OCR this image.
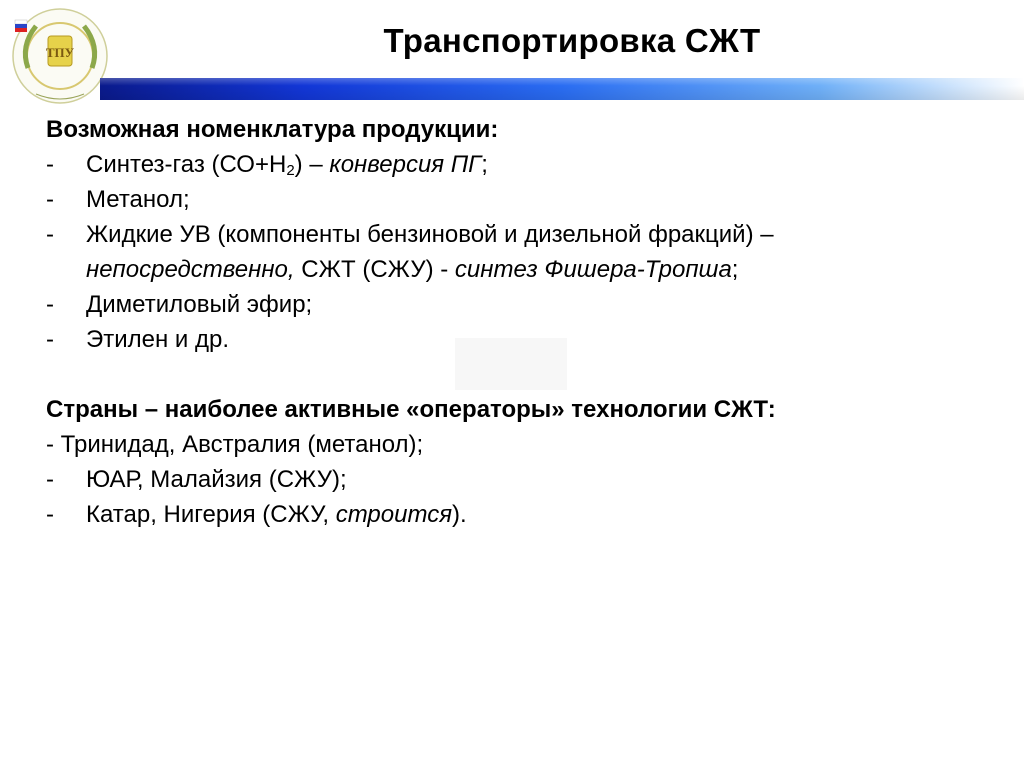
ТПУ	Транспортировка СЖТ
Возможная номенклатура продукции:
-	Синтез-газ $(СО+Н_2)$ – конверсия ПГ;
-	Метанол;
-	Жидкие УВ (компоненты бензиновой и дизельной фракций) –
непосредственно, СЖТ (СЖУ) - синтез Фишера-Тропша;
-	Диметиловый эфир;
-	Этилен и др.
Страны – наиболее активные «операторы» технологии СЖТ:
- Тринидад, Австралия (метанол);
-	ЮАР, Малайзия (СЖУ);
-	Катар, Нигерия (СЖУ, строится).
